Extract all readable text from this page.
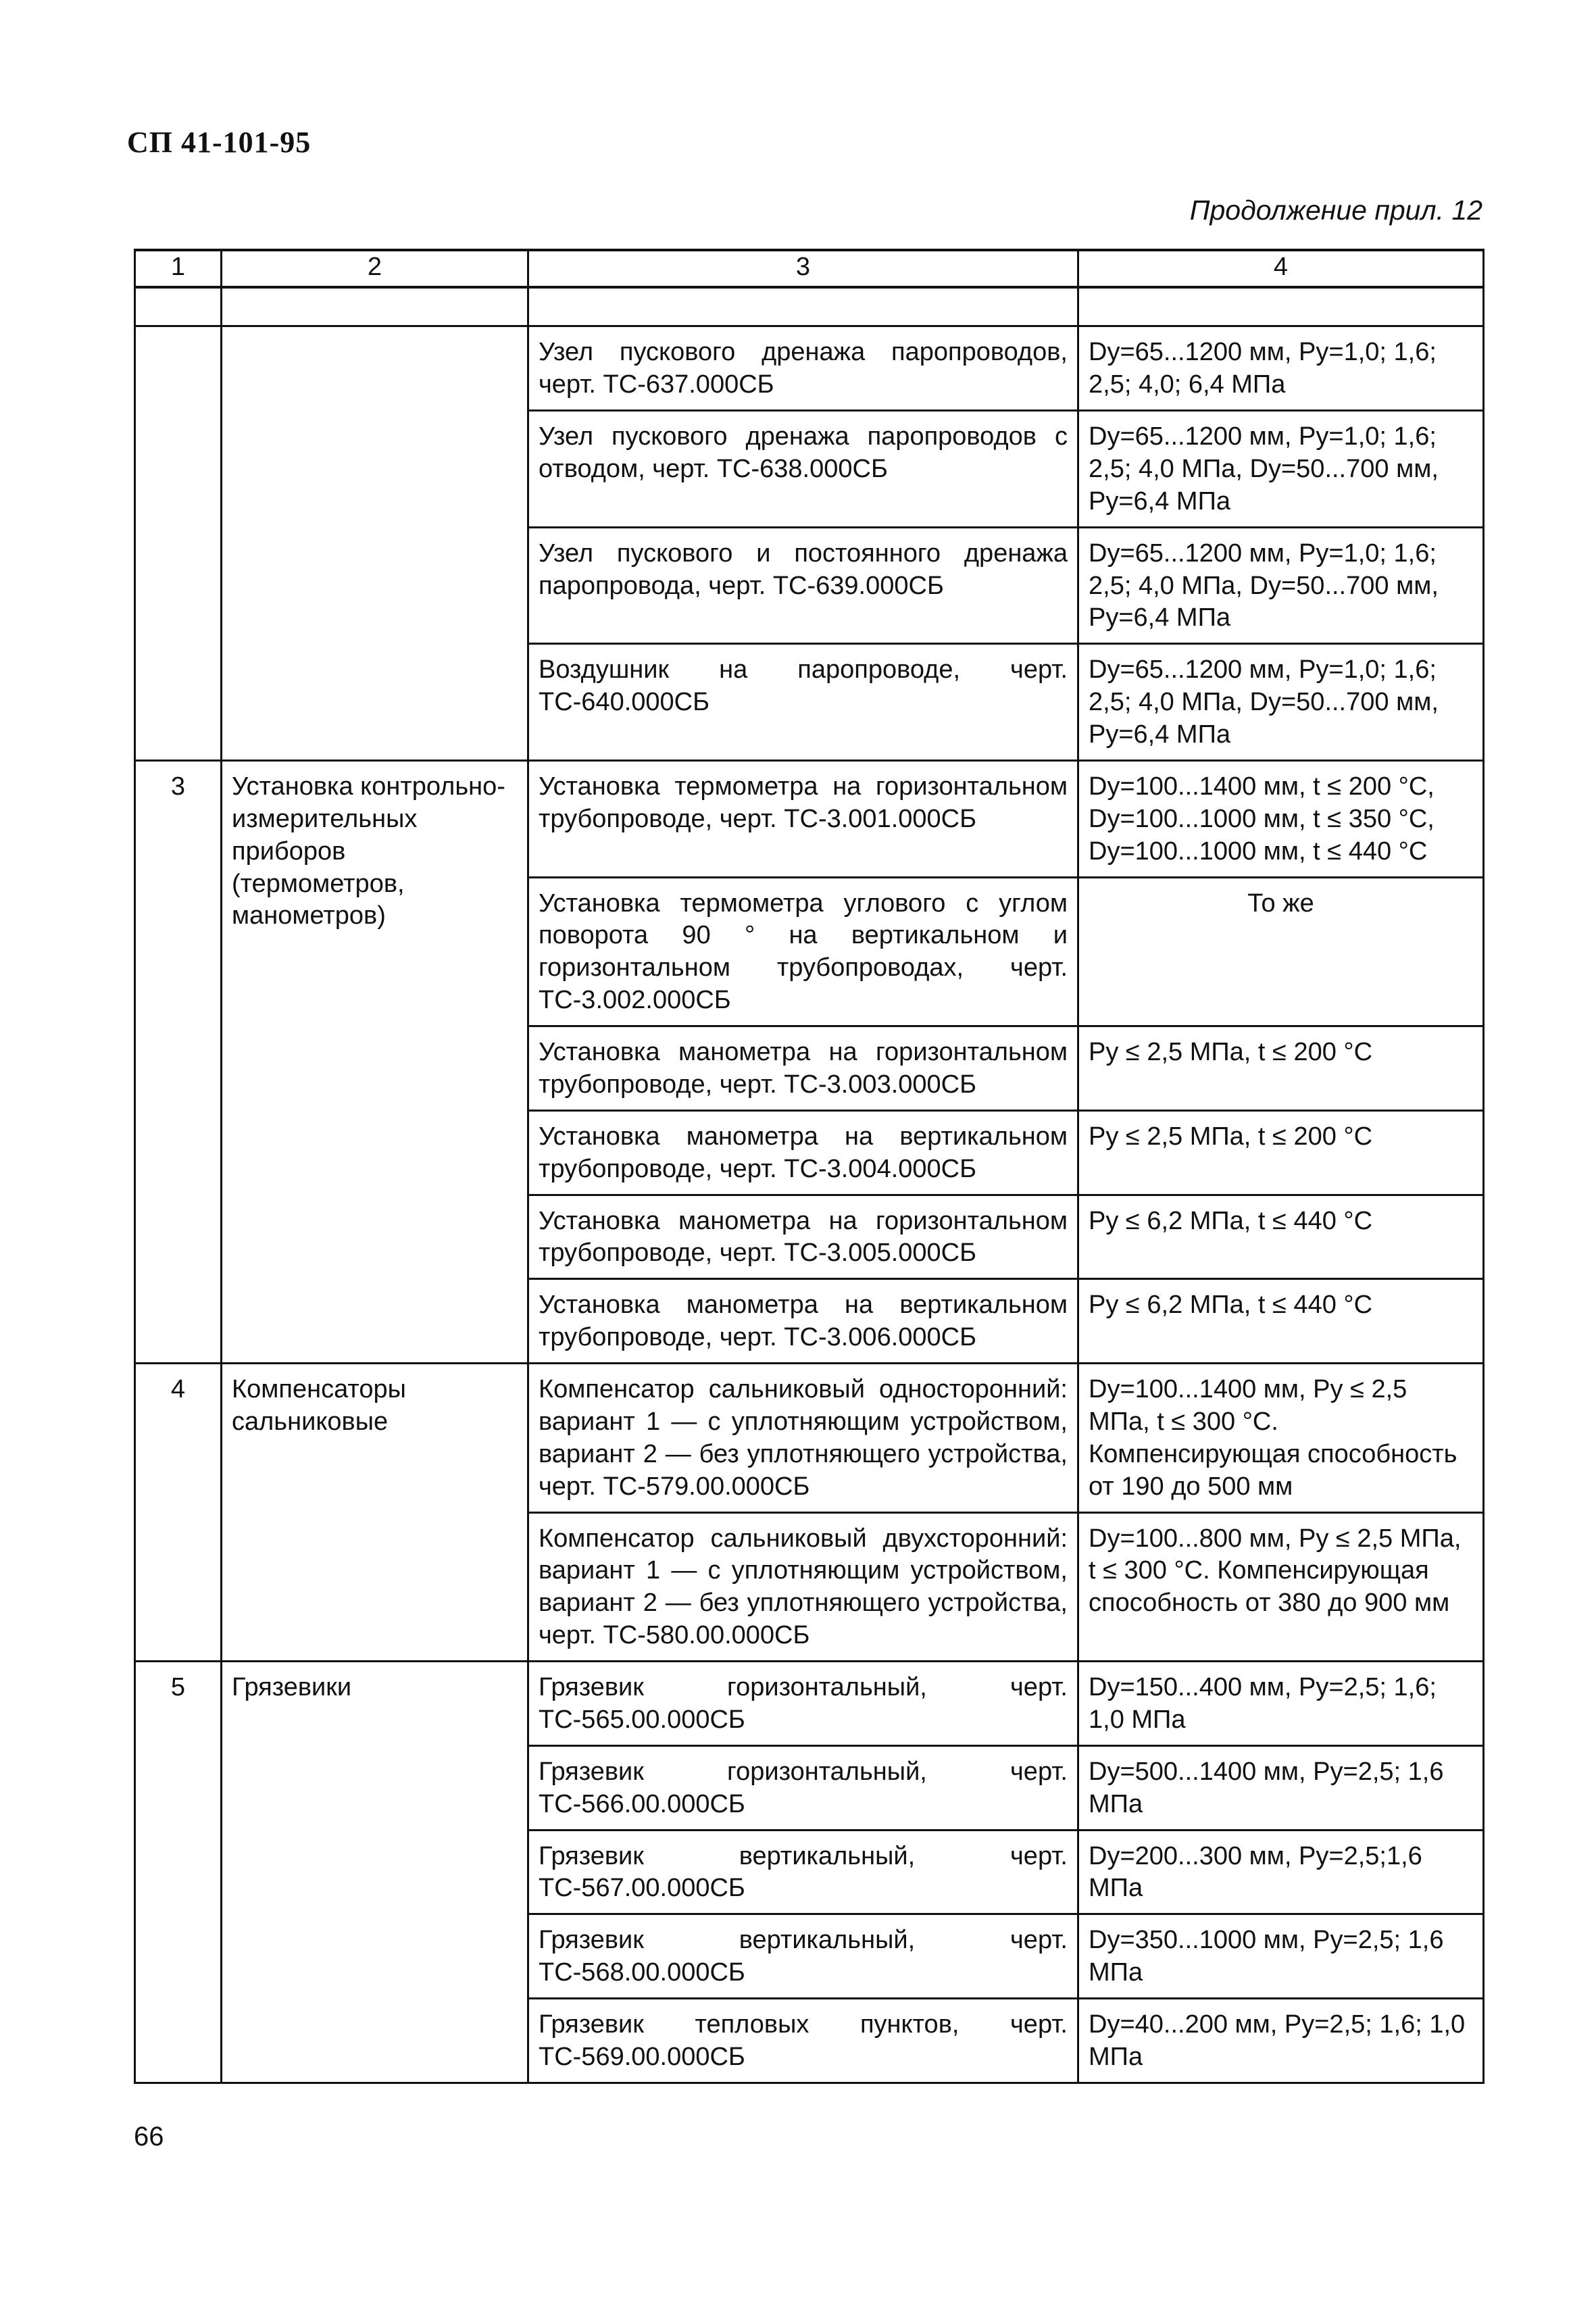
СП 41-101-95
Продолжение прил. 12
1	2	3	4

		Узел пускового дренажа паропроводов, черт. ТС-637.000СБ	Dy=65...1200 мм, Py=1,0; 1,6; 2,5; 4,0; 6,4 МПа
		Узел пускового дренажа паропроводов с отводом, черт. ТС-638.000СБ	Dy=65...1200 мм, Py=1,0; 1,6; 2,5; 4,0 МПа, Dy=50...700 мм, Py=6,4 МПа
		Узел пускового и постоянного дренажа паропровода, черт. ТС-639.000СБ	Dy=65...1200 мм, Py=1,0; 1,6; 2,5; 4,0 МПа, Dy=50...700 мм, Py=6,4 МПа
		Воздушник на паропроводе, черт. ТС-640.000СБ	Dy=65...1200 мм, Py=1,0; 1,6; 2,5; 4,0 МПа, Dy=50...700 мм, Py=6,4 МПа
3	Установка контрольно-измерительных приборов (термометров, манометров)	Установка термометра на горизонтальном трубопроводе, черт. ТС-3.001.000СБ	Dy=100...1400 мм, t ≤ 200 °С, Dy=100...1000 мм, t ≤ 350 °С, Dy=100...1000 мм, t ≤ 440 °С
		Установка термометра углового с углом поворота 90 ° на вертикальном и горизонтальном трубопроводах, черт. ТС-3.002.000СБ	То же
		Установка манометра на горизонтальном трубопроводе, черт. ТС-3.003.000СБ	Py ≤ 2,5 МПа, t ≤ 200 °С
		Установка манометра на вертикальном трубопроводе, черт. ТС-3.004.000СБ	Py ≤ 2,5 МПа, t ≤ 200 °С
		Установка манометра на горизонтальном трубопроводе, черт. ТС-3.005.000СБ	Py ≤ 6,2 МПа, t ≤ 440 °С
		Установка манометра на вертикальном трубопроводе, черт. ТС-3.006.000СБ	Py ≤ 6,2 МПа, t ≤ 440 °С
4	Компенсаторы сальниковые	Компенсатор сальниковый односторонний: вариант 1 — с уплотняющим устройством, вариант 2 — без уплотняющего устройства, черт. ТС-579.00.000СБ	Dy=100...1400 мм, Py ≤ 2,5 МПа, t ≤ 300 °С. Компенсирующая способность от 190 до 500 мм
		Компенсатор сальниковый двухсторонний: вариант 1 — с уплотняющим устройством, вариант 2 — без уплотняющего устройства, черт. ТС-580.00.000СБ	Dy=100...800 мм, Py ≤ 2,5 МПа, t ≤ 300 °С. Компенсирующая способность от 380 до 900 мм
5	Грязевики	Грязевик горизонтальный, черт. ТС-565.00.000СБ	Dy=150...400 мм, Py=2,5; 1,6; 1,0 МПа
		Грязевик горизонтальный, черт. ТС-566.00.000СБ	Dy=500...1400 мм, Py=2,5; 1,6 МПа
		Грязевик вертикальный, черт. ТС-567.00.000СБ	Dy=200...300 мм, Py=2,5;1,6 МПа
		Грязевик вертикальный, черт. ТС-568.00.000СБ	Dy=350...1000 мм, Py=2,5; 1,6 МПа
		Грязевик тепловых пунктов, черт. ТС-569.00.000СБ	Dy=40...200 мм, Py=2,5; 1,6; 1,0 МПа
66
